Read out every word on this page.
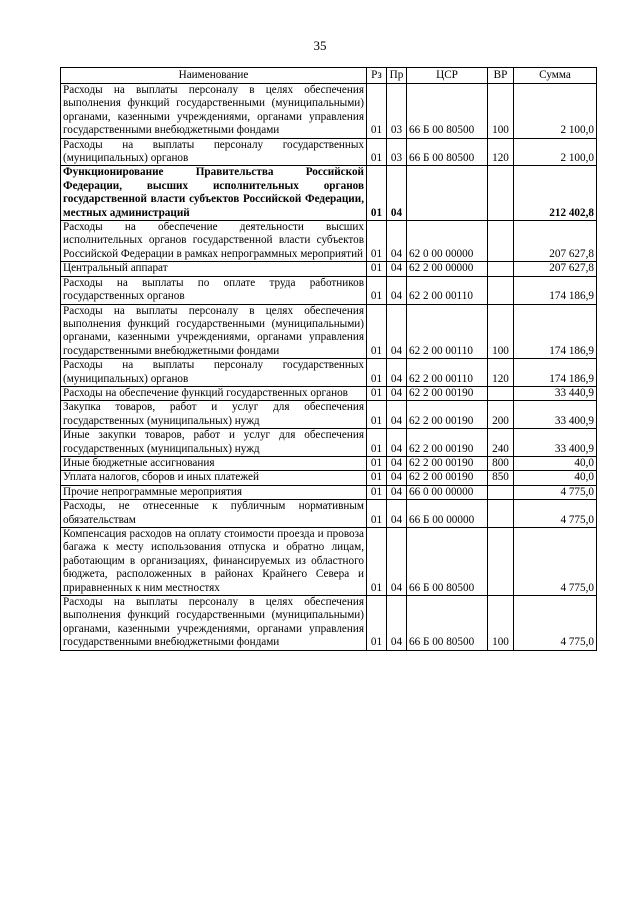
35
Наименование	Рз	Пр	ЦСР	ВР	Сумма
Расходы на выплаты персоналу в целях обеспечения выполнения функций государственными (муниципальными) органами, казенными учреждениями, органами управления государственными внебюджетными фондами	01	03	66 Б 00 80500	100	2 100,0
Расходы на выплаты персоналу государственных (муниципальных) органов	01	03	66 Б 00 80500	120	2 100,0
Функционирование Правительства Российской Федерации, высших исполнительных органов государственной власти субъектов Российской Федерации, местных администраций	01	04			212 402,8
Расходы на обеспечение деятельности высших исполнительных органов государственной власти субъектов Российской Федерации в рамках непрограммных мероприятий	01	04	62 0 00 00000		207 627,8
Центральный аппарат	01	04	62 2 00 00000		207 627,8
Расходы на выплаты по оплате труда работников государственных органов	01	04	62 2 00 00110		174 186,9
Расходы на выплаты персоналу в целях обеспечения выполнения функций государственными (муниципальными) органами, казенными учреждениями, органами управления государственными внебюджетными фондами	01	04	62 2 00 00110	100	174 186,9
Расходы на выплаты персоналу государственных (муниципальных) органов	01	04	62 2 00 00110	120	174 186,9
Расходы на обеспечение функций государственных органов	01	04	62 2 00 00190		33 440,9
Закупка товаров, работ и услуг для обеспечения государственных (муниципальных) нужд	01	04	62 2 00 00190	200	33 400,9
Иные закупки товаров, работ и услуг для обеспечения государственных (муниципальных) нужд	01	04	62 2 00 00190	240	33 400,9
Иные бюджетные ассигнования	01	04	62 2 00 00190	800	40,0
Уплата налогов, сборов и иных платежей	01	04	62 2 00 00190	850	40,0
Прочие непрограммные мероприятия	01	04	66 0 00 00000		4 775,0
Расходы, не отнесенные к публичным нормативным обязательствам	01	04	66 Б 00 00000		4 775,0
Компенсация расходов на оплату стоимости проезда и провоза багажа к месту использования отпуска и обратно лицам, работающим в организациях, финансируемых из областного бюджета, расположенных в районах Крайнего Севера и приравненных к ним местностях	01	04	66 Б 00 80500		4 775,0
Расходы на выплаты персоналу в целях обеспечения выполнения функций государственными (муниципальными) органами, казенными учреждениями, органами управления государственными внебюджетными фондами	01	04	66 Б 00 80500	100	4 775,0
